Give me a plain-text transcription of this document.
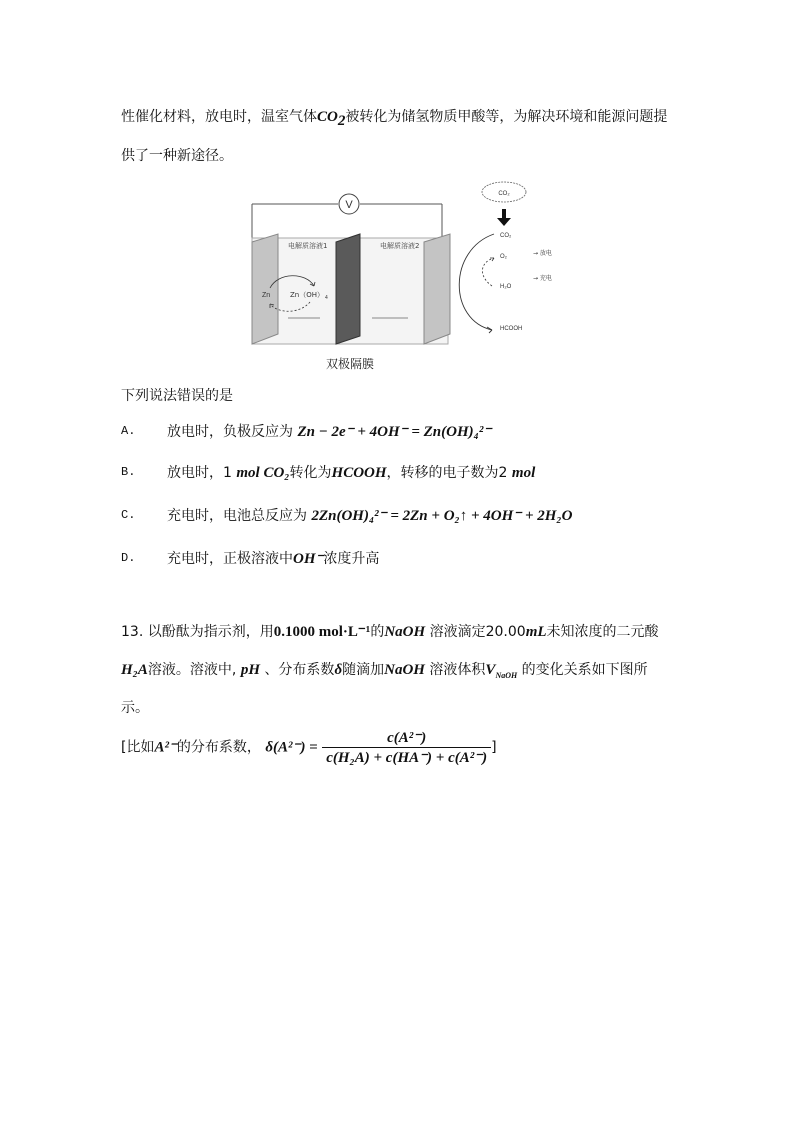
性催化材料，放电时，温室气体$CO_2$被转化为储氢物质甲酸等，为解决环境和能源问题提
供了一种新途径。
V
电解质溶液1	电解质溶液2
Zn	Zn（OH） 4
双极隔膜
CO₂
CO₂
O₂
H₂O
HCOOH
→ 放电
→ 充电
下列说法错误的是
A. 放电时，负极反应为 Zn − 2e⁻ + 4OH⁻ = Zn(OH)₄²⁻
B. 放电时，1 mol CO₂转化为HCOOH，转移的电子数为2 mol
C. 充电时，电池总反应为 2Zn(OH)₄²⁻ = 2Zn + O₂↑ + 4OH⁻ + 2H₂O
D. 充电时，正极溶液中OH⁻浓度升高
13. 以酚酞为指示剂，用0.1000 mol·L⁻¹的NaOH 溶液滴定20.00mL未知浓度的二元酸
H₂A溶液。溶液中, pH 、分布系数δ随滴加NaOH 溶液体积$V_{NaOH}$ 的变化关系如下图所
示。
[比如A²⁻的分布系数， $\delta(A^{2-}) = \frac{\text{c(A²⁻)}}{\text{c(H₂A) + c(HA⁻) + c(A²⁻)}}$ ]
